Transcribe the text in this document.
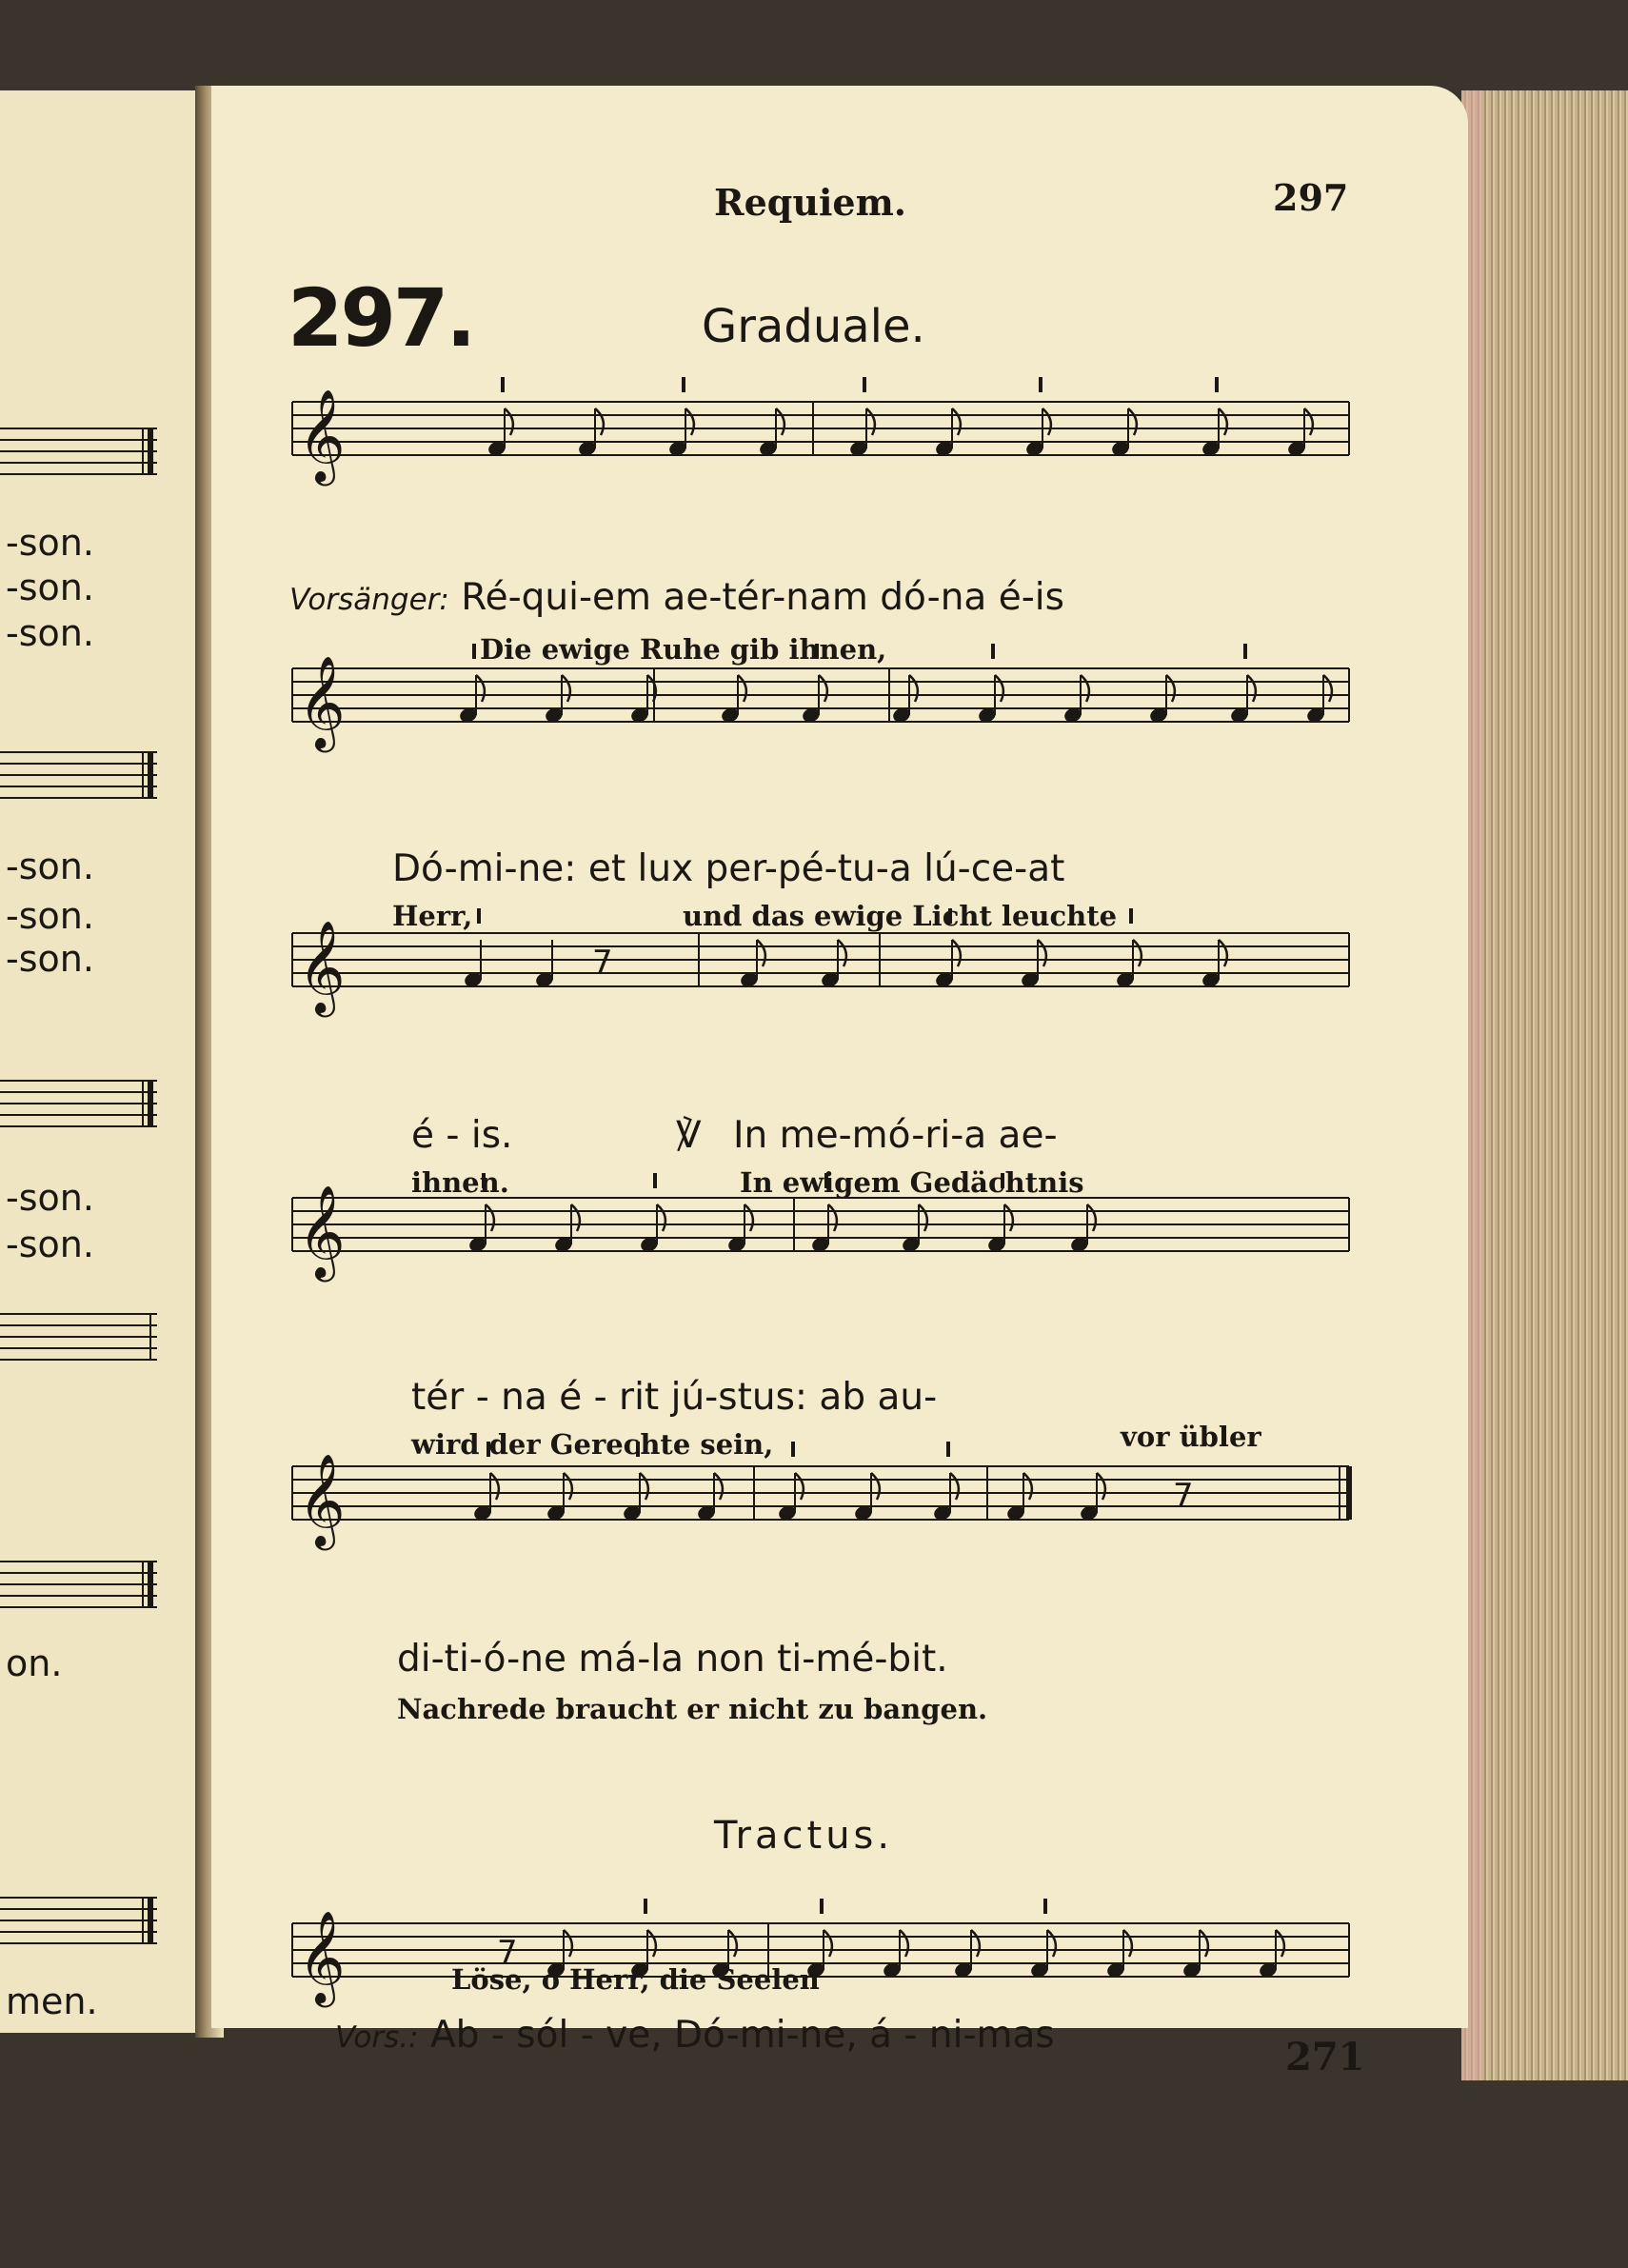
-son.
-son.
-son.
-son.
-son.
-son.
-son.
-son.
on.
men.
Requiem.	297
297.	Graduale.
𝄞
𝄞
𝄞	7
𝄞
𝄞	7
𝄞	7
Vorsänger: Ré-qui-em ae-tér-nam dó-na é-is
Die ewige Ruhe gib ihnen,
Dó-mi-ne: et lux per-pé-tu-a lú-ce-at
Herr,	und das ewige Licht leuchte
é - is.	℣ In me-mó-ri-a ae-
ihnen.	In ewigem Gedächtnis
tér - na é - rit jú-stus: ab au-
wird der Gerechte sein,	vor übler
di-ti-ó-ne má-la non ti-mé-bit.
Nachrede braucht er nicht zu bangen.
Tractus.
Vors.: Ab - sól - ve, Dó-mi-ne, á - ni-mas
Löse, o Herr, die Seelen
271
